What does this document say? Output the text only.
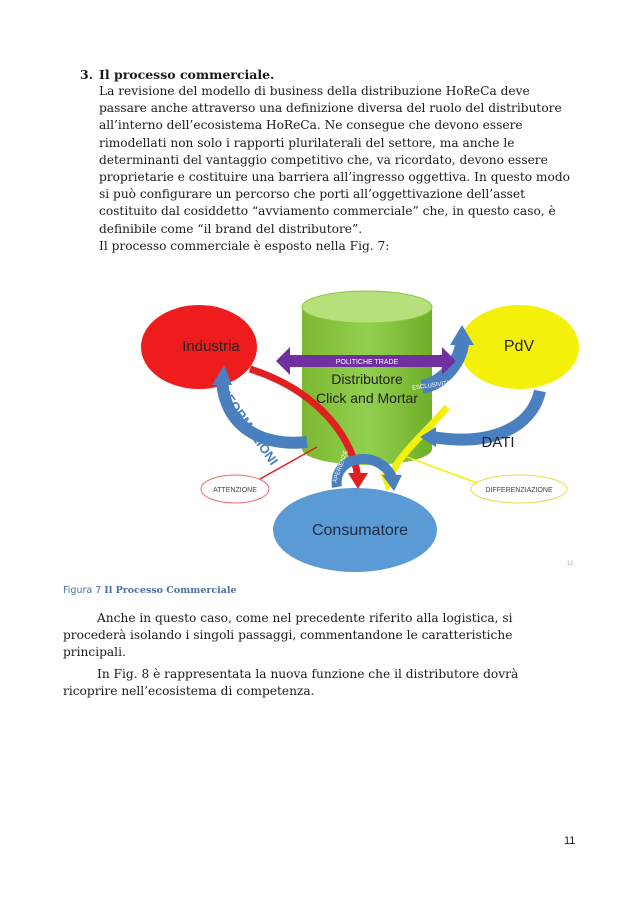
3. Il processo commerciale.
La revisione del modello di business della distribuzione HoReCa deve
passare anche attraverso una definizione diversa del ruolo del distributore
all’interno dell’ecosistema HoReCa. Ne consegue che devono essere
rimodellati non solo i rapporti plurilaterali del settore, ma anche le
determinanti del vantaggio competitivo che, va ricordato, devono essere
proprietarie e costituire una barriera all’ingresso oggettiva. In questo modo
si può configurare un percorso che porti all’oggettivazione dell’asset
costituito dal cosiddetto “avviamento commerciale” che, in questo caso, è
definibile come “il brand del distributore”.
Il processo commerciale è esposto nella Fig. 7:
Industria	PdV
Distributore
Click and Mortar
Consumatore
POLITICHE TRADE
ESCLUSIVITA'
INFORMAZIONI	DATI
XPERIENZE
ATTENZIONE	DIFFERENZIAZIONE
12
Figura 7 Il Processo Commerciale
Anche in questo caso, come nel precedente riferito alla logistica, si
procederà isolando i singoli passaggi, commentandone le caratteristiche
principali.
In Fig. 8 è rappresentata la nuova funzione che il distributore dovrà
ricoprire nell’ecosistema di competenza.
11
